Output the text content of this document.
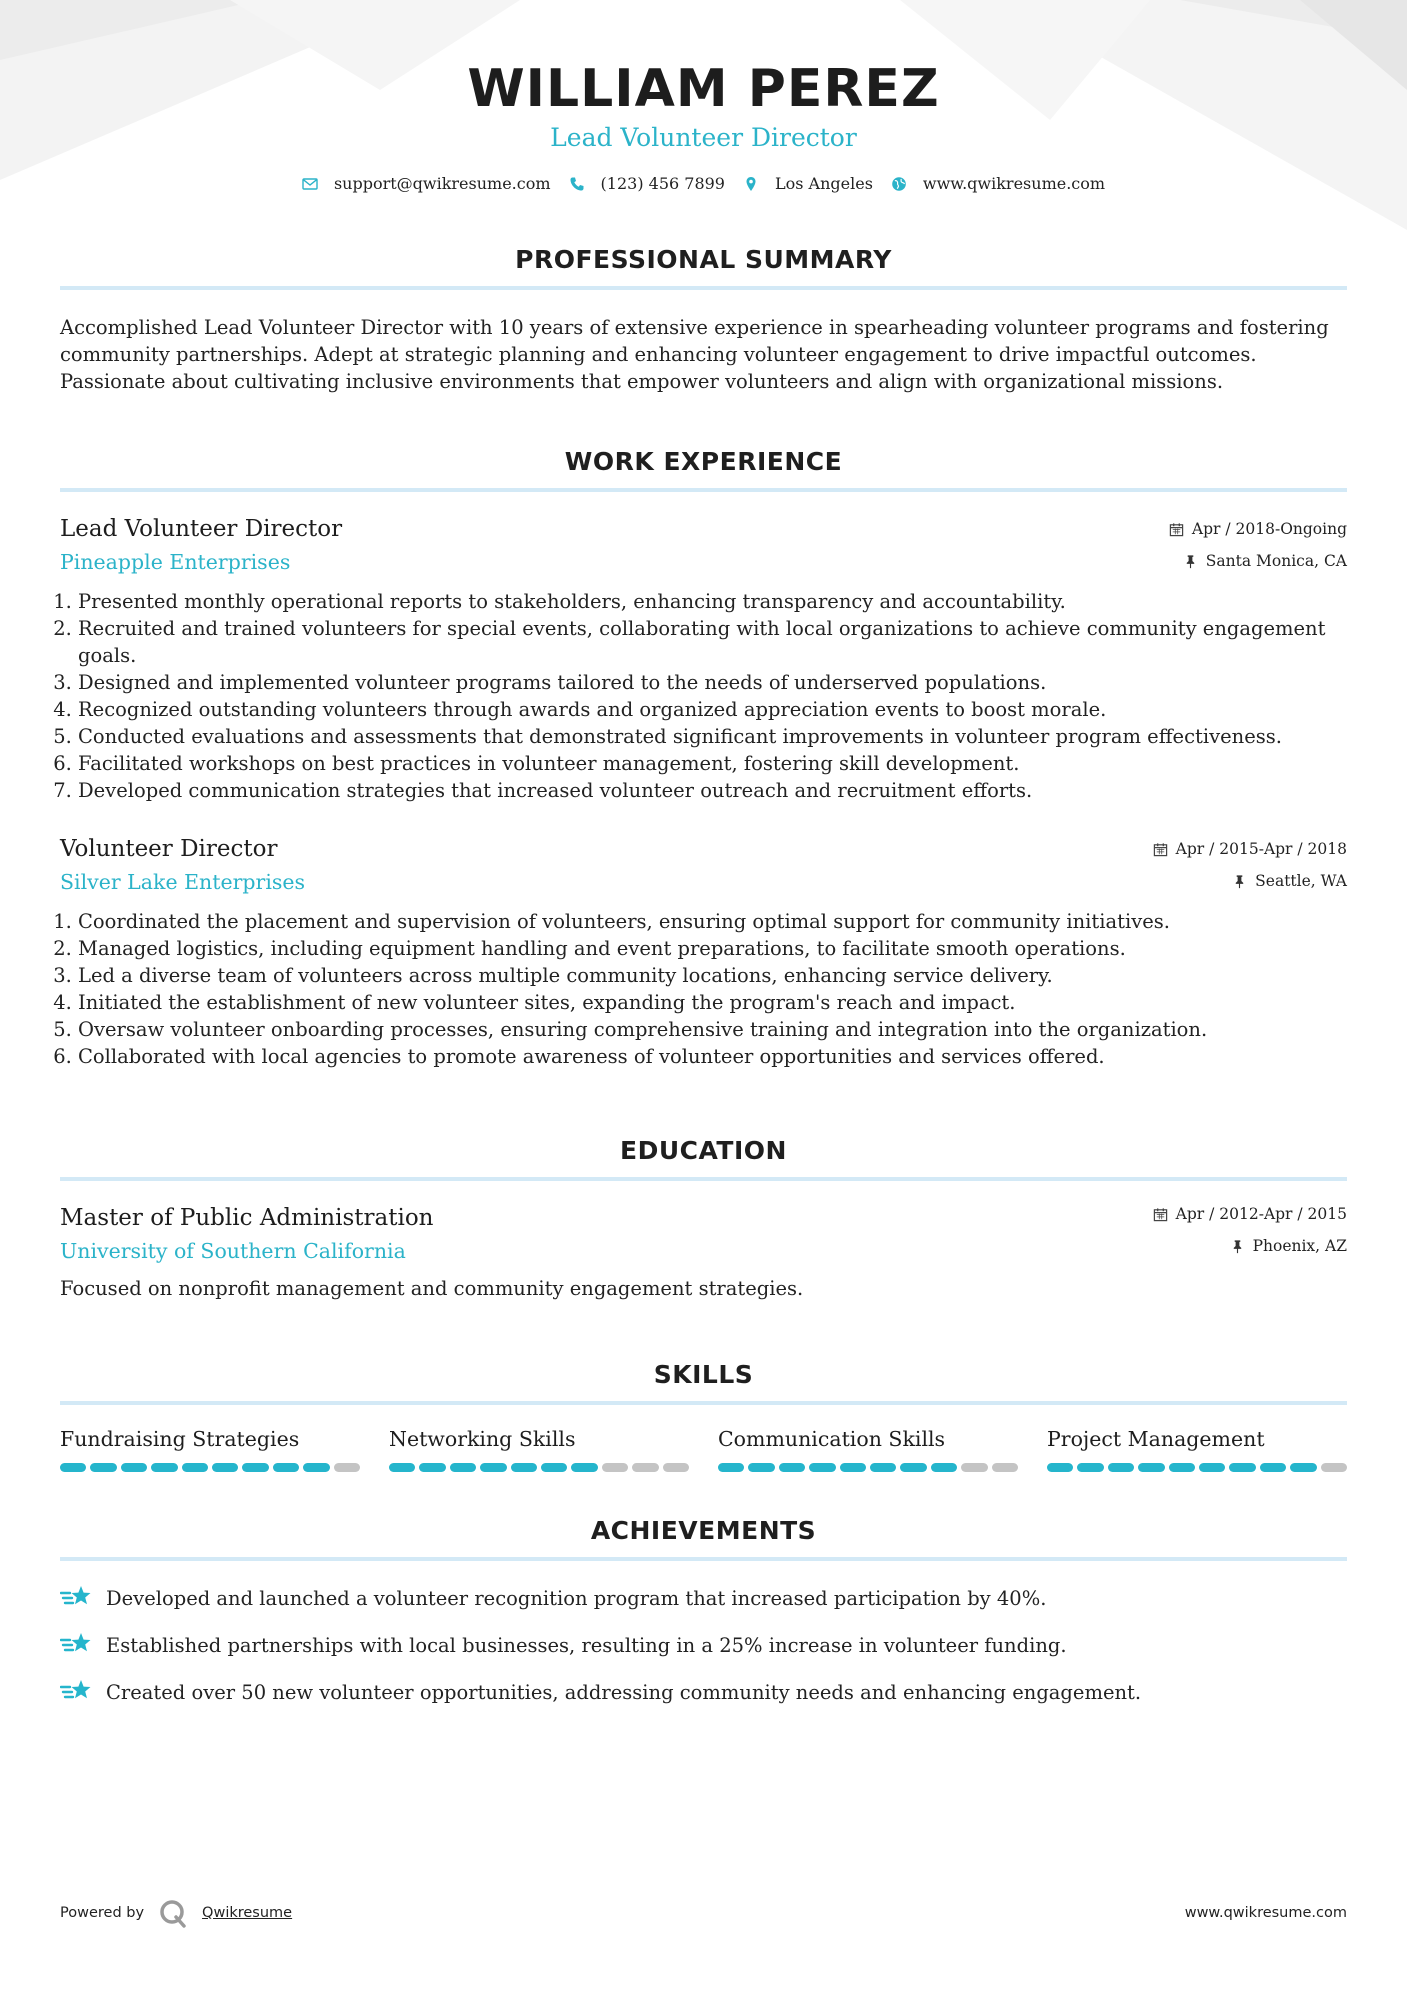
WILLIAM PEREZ
Lead Volunteer Director
support@qwikresume.com	(123) 456 7899	Los Angeles	www.qwikresume.com
PROFESSIONAL SUMMARY
Accomplished Lead Volunteer Director with 10 years of extensive experience in spearheading volunteer programs and fostering community partnerships. Adept at strategic planning and enhancing volunteer engagement to drive impactful outcomes. Passionate about cultivating inclusive environments that empower volunteers and align with organizational missions.
WORK EXPERIENCE
Lead Volunteer Director
Pineapple Enterprises
Apr / 2018-Ongoing
Santa Monica, CA
1. Presented monthly operational reports to stakeholders, enhancing transparency and accountability.
2. Recruited and trained volunteers for special events, collaborating with local organizations to achieve community engagement goals.
3. Designed and implemented volunteer programs tailored to the needs of underserved populations.
4. Recognized outstanding volunteers through awards and organized appreciation events to boost morale.
5. Conducted evaluations and assessments that demonstrated significant improvements in volunteer program effectiveness.
6. Facilitated workshops on best practices in volunteer management, fostering skill development.
7. Developed communication strategies that increased volunteer outreach and recruitment efforts.
Volunteer Director
Silver Lake Enterprises
Apr / 2015-Apr / 2018
Seattle, WA
1. Coordinated the placement and supervision of volunteers, ensuring optimal support for community initiatives.
2. Managed logistics, including equipment handling and event preparations, to facilitate smooth operations.
3. Led a diverse team of volunteers across multiple community locations, enhancing service delivery.
4. Initiated the establishment of new volunteer sites, expanding the program's reach and impact.
5. Oversaw volunteer onboarding processes, ensuring comprehensive training and integration into the organization.
6. Collaborated with local agencies to promote awareness of volunteer opportunities and services offered.
EDUCATION
Master of Public Administration
University of Southern California
Apr / 2012-Apr / 2015
Phoenix, AZ
Focused on nonprofit management and community engagement strategies.
SKILLS
Fundraising Strategies	Networking Skills	Communication Skills	Project Management
ACHIEVEMENTS
Developed and launched a volunteer recognition program that increased participation by 40%.
Established partnerships with local businesses, resulting in a 25% increase in volunteer funding.
Created over 50 new volunteer opportunities, addressing community needs and enhancing engagement.
Powered by	Qwikresume	www.qwikresume.com
